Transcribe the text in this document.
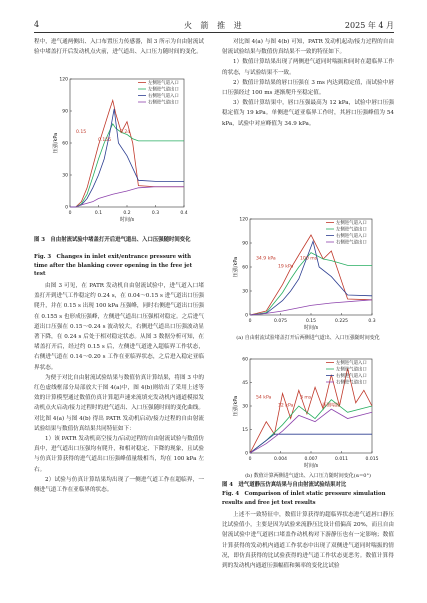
4	火 箭 推 进	2025 年 4 月

程中，进气通两侧出、入口布置压力传感器，图 3 所示为自由射流试验中堵盖打开后发动机点火前，进气道出、入口压力随时间的变化。

0
0
0.1
30
0.2
60
0.3
90
0.4
120
时间/s
压强/kPa
左侧进气道入口
左侧进气道出口
右侧进气道入口
右侧进气道出口
0.15
0.155
0.24
图 3　自由射流试验中堵盖打开后进气道出、入口压强随时间变化
Fig. 3　Changes in inlet exit/entrance pressure with time after the blanking cover opening in the free jet test

由图 3 可见，在 PATR 发动机自由射流试验中，进气道入口堵盖打开到进气工作稳定约 0.24 s，在 0.04～0.15 s 进气道出口压强爬升，并在 0.15 s 出现 100 kPa 压强峰，同时右侧进气道出口压强在 0.155 s 也形成压强峰，左侧进气道出口压强相对稳定。之后进气道出口压强在 0.15～0.24 s 波动较大，右侧进气道出口压强波动显著下降，在 0.24 s 后处于相对稳定状态。从图 3 数据分析可知，在堵盖打开后，经过约 0.15 s 后，左侧进气道进入超临界工作状态，右侧进气道在 0.14～0.20 s 工作在亚临界状态，之后进入稳定亚临界状态。

为便于对比自由射流试验结果与数值仿真计算结果，将图 3 中的红色虚线框部分局部放大于图 4(a)中，图 4(b)则给出了采用上述等效的计算模型通过数值仿真计算超声速来流填充发动机内通道模拟发动机点火启动/接力过程时的进气道出、入口压强随时间的变化曲线。对比图 4(a) 与图 4(b) 得出 PATR 发动机启动/接力过程的自由射流试验结果与数值仿真结果共同特征如下：

1）该 PATR 发动机高空接力/启动过程的自由射流试验与数值仿真中，进气道出口压强均有爬升，和相对稳定、下降的现象，且试验与仿真计算获得的进气道出口压强峰值量级相当，均在 100 kPa 左右。

2）试验与仿真计算结果均出现了一侧进气道工作在超临界，一侧进气道工作在亚临界的状态。

对比图 4(a) 与图 4(b) 可知，PATR 发动机起动/接力过程的自由射流试验结果与数值仿真结果不一致的特征如下。

1）数值计算结果出现了两侧进气道同时喘振和同时在超临界工作的状态，与试验结果不一致。

2）数值计算结果的唇口压强在 3 ms 内达到稳定值，而试验中唇口压强经过 100 ms 逐渐爬升至稳定值。

3）数值计算结果中，唇口压强最高为 12 kPa，试验中唇口压强稳定值为 19 kPa。单侧进气道亚临界工作时，其唇口压强峰值为 54 kPa，试验中对应峰值为 34.9 kPa。

0
0
0.075
30
0.15
60
0.225
90
0.3
120
时间/s
压强/kPa
左侧进气道入口
左侧进气道出口
右侧进气道入口
右侧进气道出口
34.9 kPa
19 kPa
100 ms
(a) 自由射流试验堵盖打开后两侧进气道出、入口压强随时间变化
0
0
0.004
15
0.007
30
0.011
45
0.015
60
时间/s
压强/kPa
左侧进气道入口
左侧进气道出口
右侧进气道入口
右侧进气道出口
54 kPa
12 kPa
3 ms
两侧喘振
(b) 数值计算两侧进气道出、入口压力随时间变化(α=0°)
图 4　进气道静压仿真结果与自由射流试验结果对比
Fig. 4　Comparison of inlet static pressure simulation results and free jet test results

上述不一致特征中，数值计算获得的超临界状态进气道唇口静压比试验值小，主要是因为试验来流静压比设计值偏高 20%，而且自由射流试验中进气道唇口堵盖作动机构对下游静压也有一定影响；数值计算获得的发动机内通道工作状态中出现了双侧进气道同时喘振的情况，即仿真获得的比试验获得的进气道工作状态更恶劣。数值计算得到的发动机内通道压强幅值和频率的变化比试验
